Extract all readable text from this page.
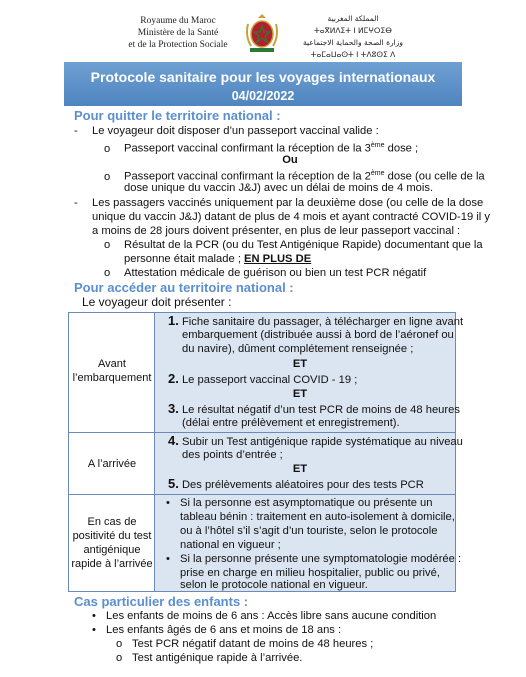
Royaume du Maroc
Ministère de la Santé
et de la Protection Sociale
المملكة المغربية
ⵜⴰⴳⵍⴷⵉⵜ ⵏ ⵍⵎⵖⵔⵉⴱ
وزارة الصحة والحماية الاجتماعية
ⵜⴰⵎⴰⵡⴰⵙⵜ ⵏ ⵜⴷⵓⵙⵉ ⴷ
Protocole sanitaire pour les voyages internationaux
04/02/2022
Pour quitter le territoire national :
- Le voyageur doit disposer d’un passeport vaccinal valide :
o Passeport vaccinal confirmant la réception de la 3ème dose ;
Ou
o Passeport vaccinal confirmant la réception de la 2ème dose (ou celle de la
dose unique du vaccin J&J) avec un délai de moins de 4 mois.
- Les passagers vaccinés uniquement par la deuxième dose (ou celle de la dose
unique du vaccin J&J) datant de plus de 4 mois et ayant contracté COVID-19 il y
a moins de 28 jours doivent présenter, en plus de leur passeport vaccinal :
o Résultat de la PCR (ou du Test Antigénique Rapide) documentant que la
personne était malade ; EN PLUS DE
o Attestation médicale de guérison ou bien un test PCR négatif
Pour accéder au territoire national :
Le voyageur doit présenter :
Avant
l’embarquement
A l’arrivée
En cas de
positivité du test
antigénique
rapide à l’arrivée
1. Fiche sanitaire du passager, à télécharger en ligne avant
embarquement (distribuée aussi à bord de l’aéronef ou
du navire), dûment complétement renseignée ;
ET
2. Le passeport vaccinal COVID - 19 ;
ET
3. Le résultat négatif d’un test PCR de moins de 48 heures
(délai entre prélèvement et enregistrement).
4. Subir un Test antigénique rapide systématique au niveau
des points d’entrée ;
ET
5. Des prélèvements aléatoires pour des tests PCR
• Si la personne est asymptomatique ou présente un
tableau bénin : traitement en auto-isolement à domicile,
ou à l’hôtel s’il s’agit d’un touriste, selon le protocole
national en vigueur ;
• Si la personne présente une symptomatologie modérée :
prise en charge en milieu hospitalier, public ou privé,
selon le protocole national en vigueur.
Cas particulier des enfants :
• Les enfants de moins de 6 ans : Accès libre sans aucune condition
• Les enfants âgés de 6 ans et moins de 18 ans :
o Test PCR négatif datant de moins de 48 heures ;
o Test antigénique rapide à l’arrivée.
